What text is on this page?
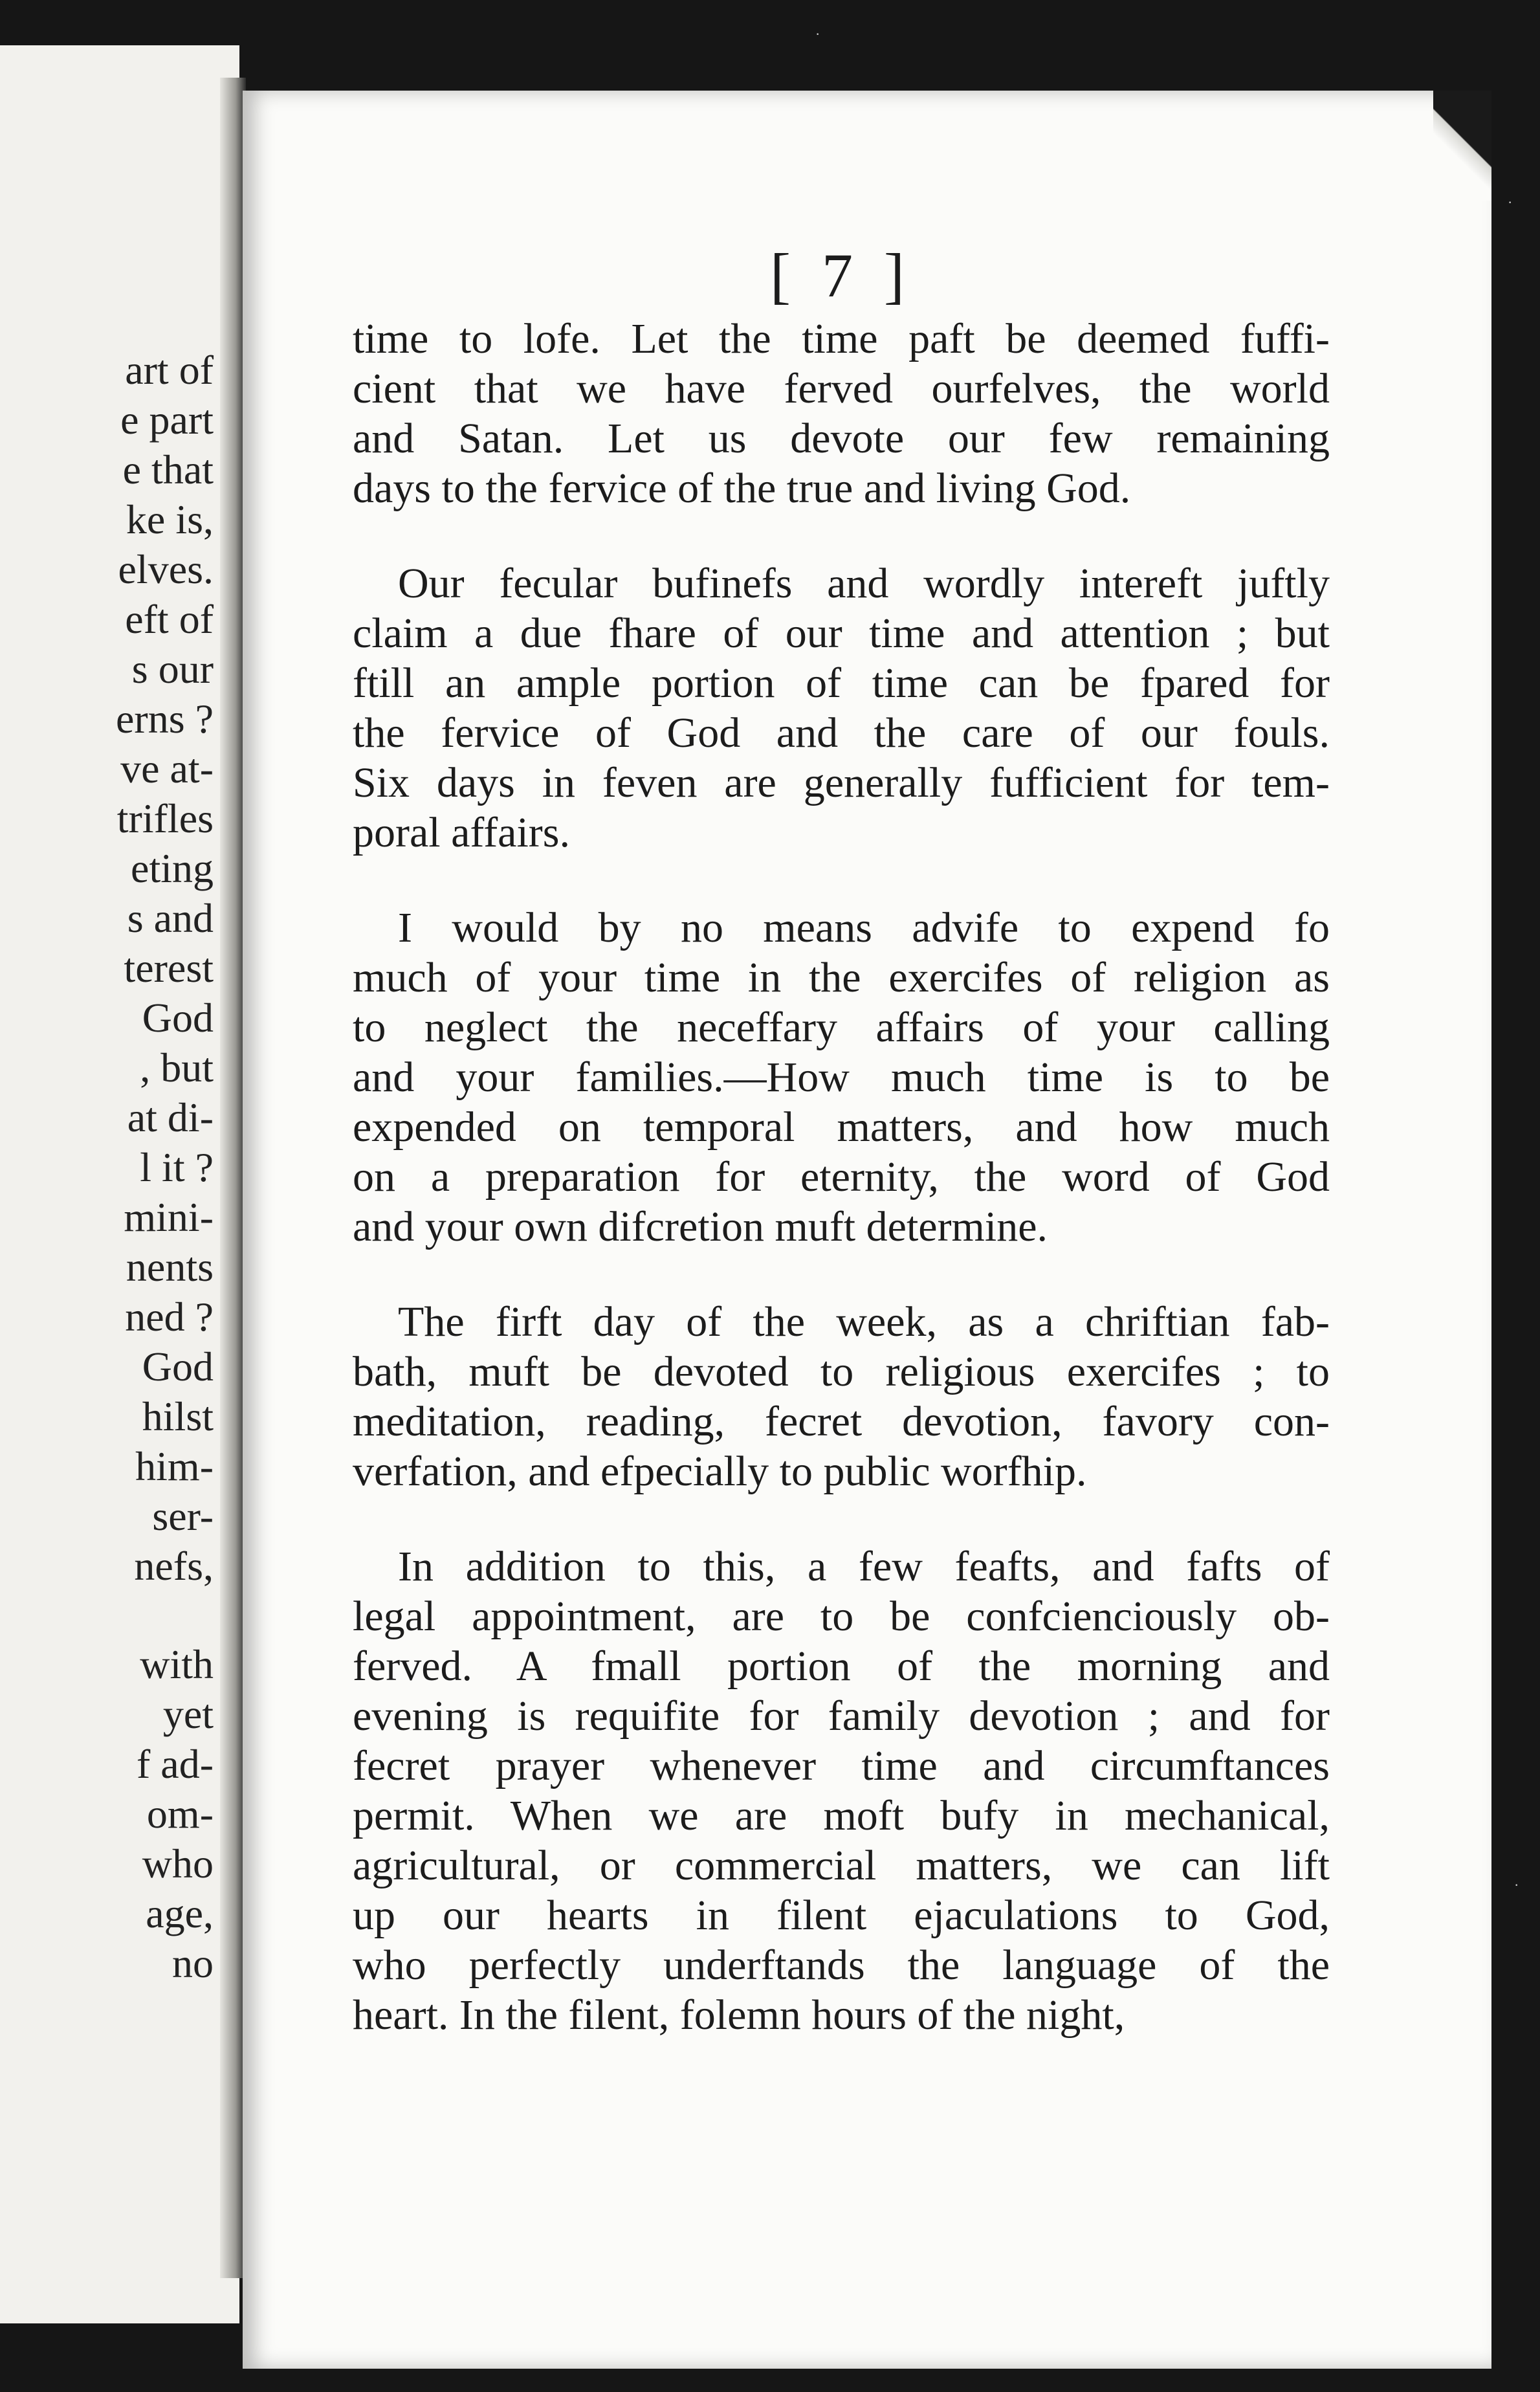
art of
e part
e that
ke is,
elves.
eft of
s our
erns ?
ve at-
trifles
eting
s and
terest
God
, but
at di-
l it ?
mini-
nents
ned ?
God
hilst
him-
ser-
nefs,
with
yet
f ad-
om-
who
age,
no
[ 7 ]
time to lofe. Let the time paft be deemed fuffi-
cient that we have ferved ourfelves, the world
and Satan. Let us devote our few remaining
days to the fervice of the true and living God.
Our fecular bufinefs and wordly intereft juftly
claim a due fhare of our time and attention ; but
ftill an ample portion of time can be fpared for
the fervice of God and the care of our fouls.
Six days in feven are generally fufficient for tem-
poral affairs.
I would by no means advife to expend fo
much of your time in the exercifes of religion as
to neglect the neceffary affairs of your calling
and your families.—How much time is to be
expended on temporal matters, and how much
on a preparation for eternity, the word of God
and your own difcretion muft determine.
The firft day of the week, as a chriftian fab-
bath, muft be devoted to religious exercifes ; to
meditation, reading, fecret devotion, favory con-
verfation, and efpecially to public worfhip.
In addition to this, a few feafts, and fafts of
legal appointment, are to be confcienciously ob-
ferved. A fmall portion of the morning and
evening is requifite for family devotion ; and for
fecret prayer whenever time and circumftances
permit. When we are moft bufy in mechanical,
agricultural, or commercial matters, we can lift
up our hearts in filent ejaculations to God,
who perfectly underftands the language of the
heart. In the filent, folemn hours of the night,
·
·
·
